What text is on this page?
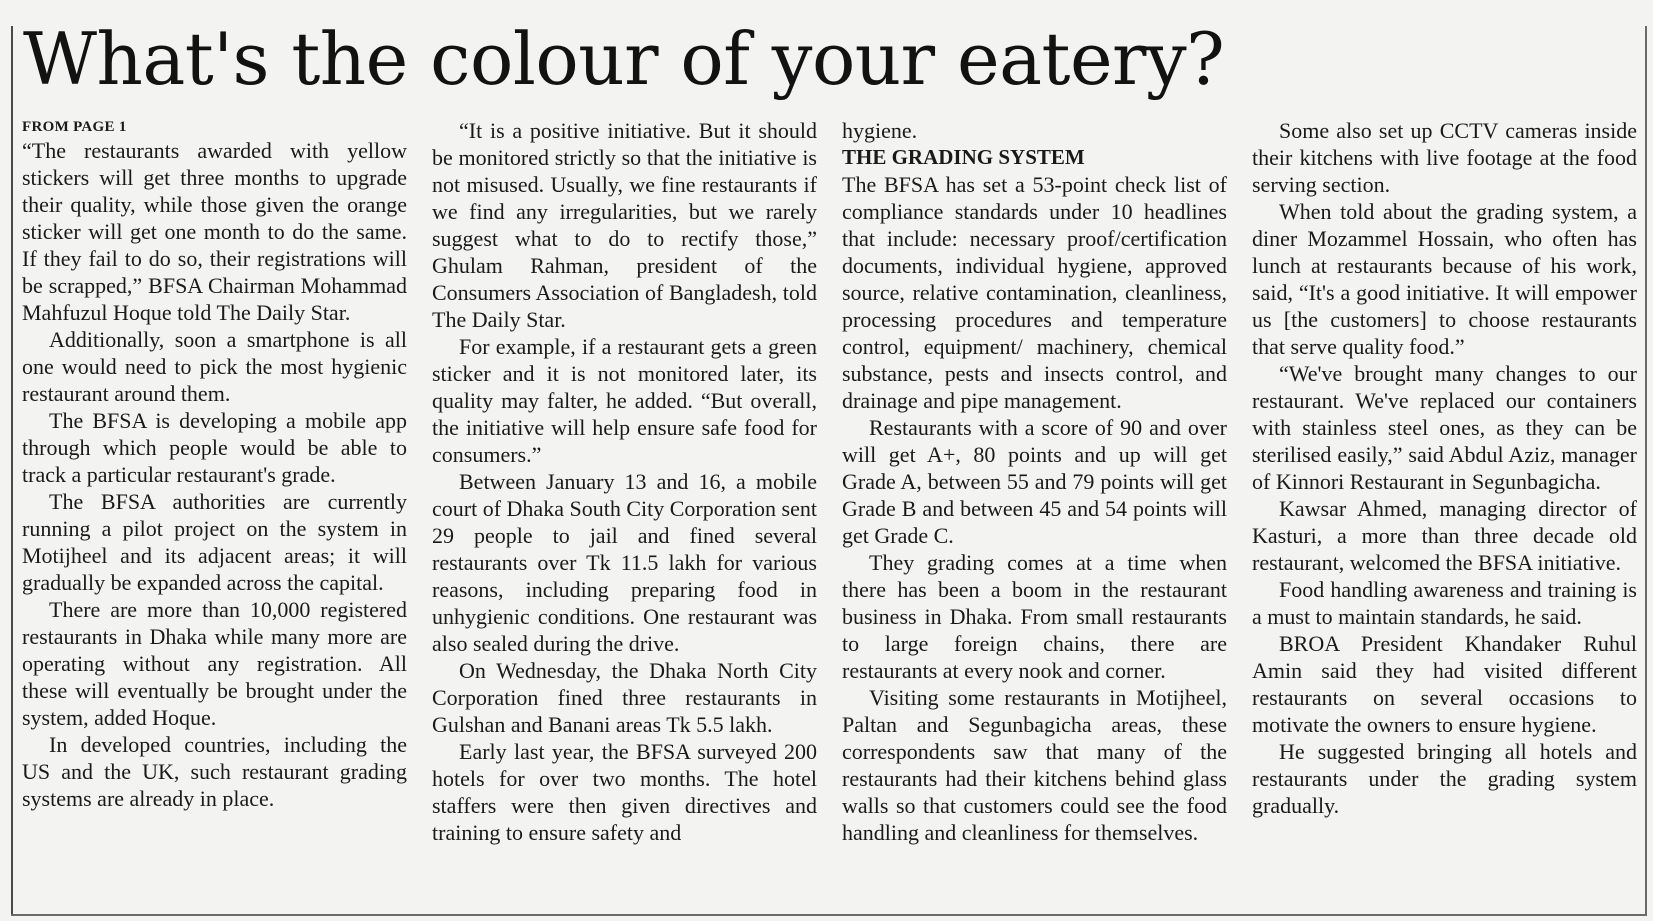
What's the colour of your eatery?
FROM PAGE 1

“The restaurants awarded with yellow stickers will get three months to upgrade their quality, while those given the orange sticker will get one month to do the same. If they fail to do so, their registrations will be scrapped,” BFSA Chairman Mohammad Mahfuzul Hoque told The Daily Star.

Additionally, soon a smartphone is all one would need to pick the most hygienic restaurant around them.

The BFSA is developing a mobile app through which people would be able to track a particular restaurant's grade.

The BFSA authorities are currently running a pilot project on the system in Motijheel and its adjacent areas; it will gradually be expanded across the capital.

There are more than 10,000 registered restaurants in Dhaka while many more are operating without any registration. All these will eventually be brought under the system, added Hoque.

In developed countries, including the US and the UK, such restaurant grading systems are already in place.

“It is a positive initiative. But it should be monitored strictly so that the initiative is not misused. Usually, we fine restaurants if we find any irregularities, but we rarely suggest what to do to rectify those,” Ghulam Rahman, president of the Consumers Association of Bangladesh, told The Daily Star.

For example, if a restaurant gets a green sticker and it is not monitored later, its quality may falter, he added. “But overall, the initiative will help ensure safe food for consumers.”

Between January 13 and 16, a mobile court of Dhaka South City Corporation sent 29 people to jail and fined several restaurants over Tk 11.5 lakh for various reasons, including preparing food in unhygienic conditions. One restaurant was also sealed during the drive.

On Wednesday, the Dhaka North City Corporation fined three restaurants in Gulshan and Banani areas Tk 5.5 lakh.

Early last year, the BFSA surveyed 200 hotels for over two months. The hotel staffers were then given directives and training to ensure safety and

hygiene.

THE GRADING SYSTEM

The BFSA has set a 53-point check list of compliance standards under 10 headlines that include: necessary proof/certification documents, individual hygiene, approved source, relative contamination, cleanliness, processing procedures and temperature control, equipment/ machinery, chemical substance, pests and insects control, and drainage and pipe management.

Restaurants with a score of 90 and over will get A+, 80 points and up will get Grade A, between 55 and 79 points will get Grade B and between 45 and 54 points will get Grade C.

They grading comes at a time when there has been a boom in the restaurant business in Dhaka. From small restaurants to large foreign chains, there are restaurants at every nook and corner.

Visiting some restaurants in Motijheel, Paltan and Segunbagicha areas, these correspondents saw that many of the restaurants had their kitchens behind glass walls so that customers could see the food handling and cleanliness for themselves.

Some also set up CCTV cameras inside their kitchens with live footage at the food serving section.

When told about the grading system, a diner Mozammel Hossain, who often has lunch at restaurants because of his work, said, “It's a good initiative. It will empower us [the customers] to choose restaurants that serve quality food.”

“We've brought many changes to our restaurant. We've replaced our containers with stainless steel ones, as they can be sterilised easily,” said Abdul Aziz, manager of Kinnori Restaurant in Segunbagicha.

Kawsar Ahmed, managing director of Kasturi, a more than three decade old restaurant, welcomed the BFSA initiative.

Food handling awareness and training is a must to maintain standards, he said.

BROA President Khandaker Ruhul Amin said they had visited different restaurants on several occasions to motivate the owners to ensure hygiene.

He suggested bringing all hotels and restaurants under the grading system gradually.
